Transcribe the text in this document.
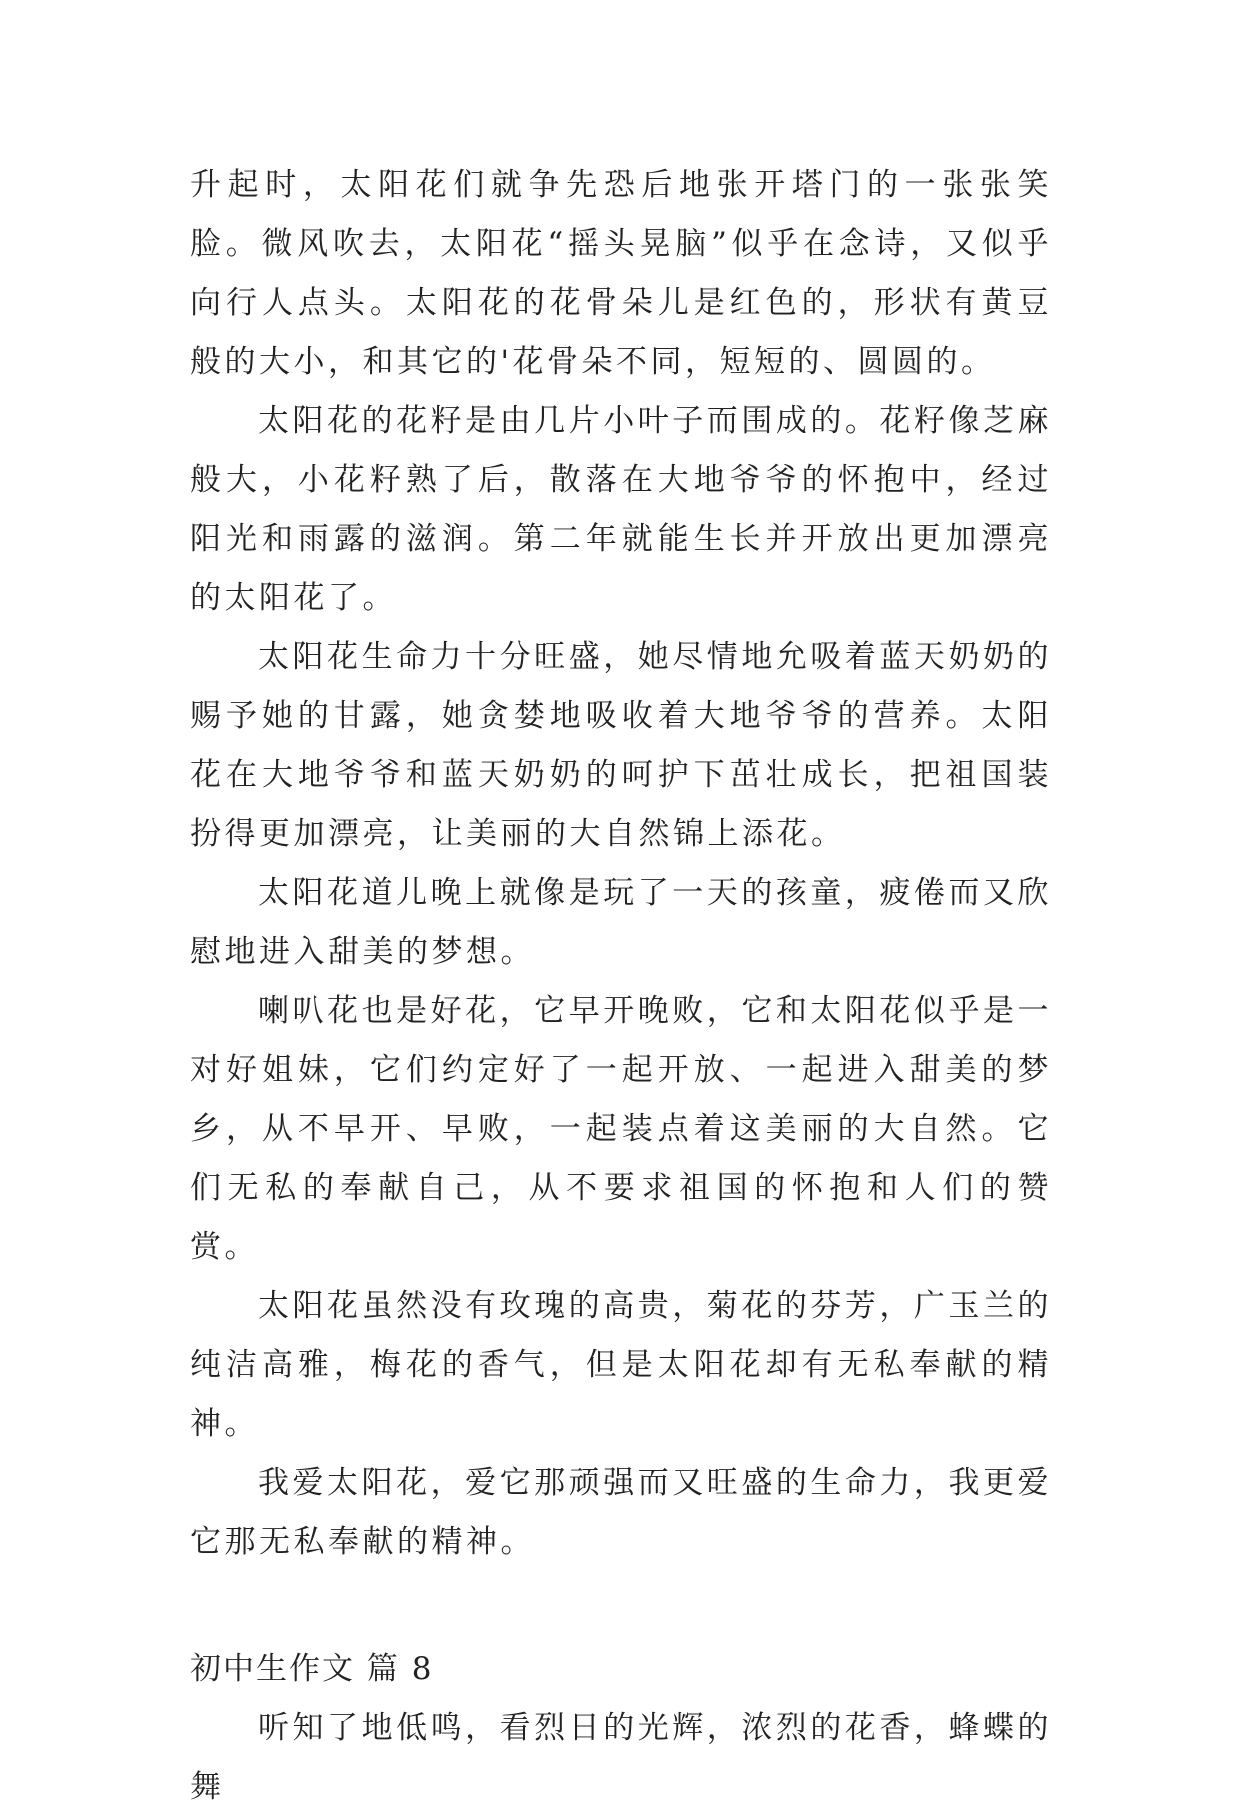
升起时，太阳花们就争先恐后地张开塔门的一张张笑脸。微风吹去，太阳花“摇头晃脑”似乎在念诗，又似乎向行人点头。太阳花的花骨朵儿是红色的，形状有黄豆般的大小，和其它的'花骨朵不同，短短的、圆圆的。

太阳花的花籽是由几片小叶子而围成的。花籽像芝麻般大，小花籽熟了后，散落在大地爷爷的怀抱中，经过阳光和雨露的滋润。第二年就能生长并开放出更加漂亮的太阳花了。

太阳花生命力十分旺盛，她尽情地允吸着蓝天奶奶的赐予她的甘露，她贪婪地吸收着大地爷爷的营养。太阳花在大地爷爷和蓝天奶奶的呵护下茁壮成长，把祖国装扮得更加漂亮，让美丽的大自然锦上添花。

太阳花道儿晚上就像是玩了一天的孩童，疲倦而又欣慰地进入甜美的梦想。

喇叭花也是好花，它早开晚败，它和太阳花似乎是一对好姐妹，它们约定好了一起开放、一起进入甜美的梦乡，从不早开、早败，一起装点着这美丽的大自然。它们无私的奉献自己，从不要求祖国的怀抱和人们的赞赏。

太阳花虽然没有玫瑰的高贵，菊花的芬芳，广玉兰的纯洁高雅，梅花的香气，但是太阳花却有无私奉献的精神。

我爱太阳花，爱它那顽强而又旺盛的生命力，我更爱它那无私奉献的精神。

初中生作文 篇 8

听知了地低鸣，看烈日的光辉，浓烈的花香，蜂蝶的舞
